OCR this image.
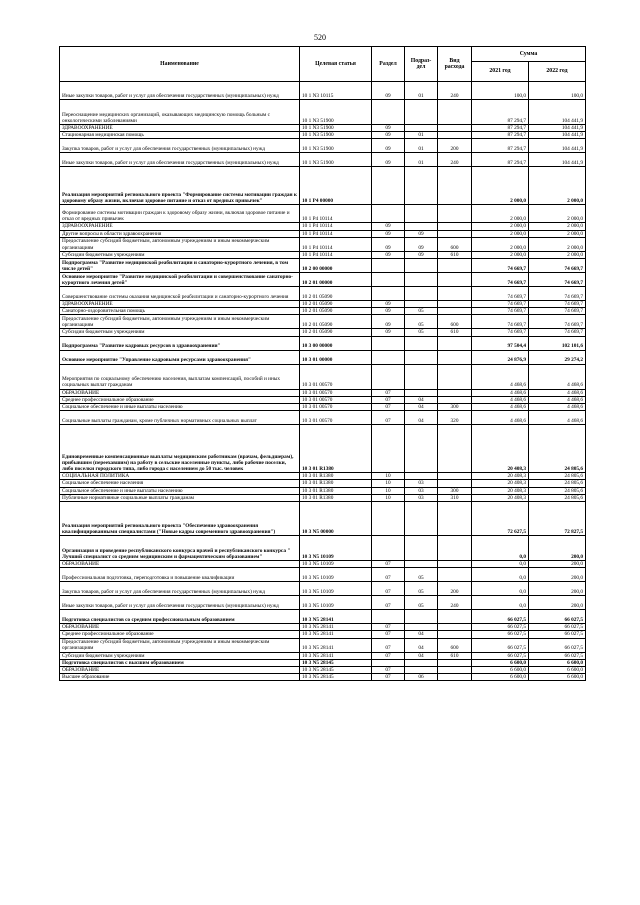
520
Наименование	Целевая статья	Раздел	Подраз-дел	Вид расхода	Сумма	
					2021 год	2022 год
Иные закупки товаров, работ и услуг для обеспечения государственных (муниципальных) нужд	10 1 N3 10115	09	01	240	100,0	100,0
Переоснащение медицинских организаций, оказывающих медицинскую помощь больным с онкологическими заболеваниями	10 1 N3 51900				87 294,7	104 441,9
ЗДРАВООХРАНЕНИЕ	10 1 N3 51900	09			87 294,7	104 441,9
Стационарная медицинская помощь	10 1 N3 51900	09	01		87 294,7	104 441,9
Закупка товаров, работ и услуг для обеспечения государственных (муниципальных) нужд	10 1 N3 51900	09	01	200	87 294,7	104 441,9
Иные закупки товаров, работ и услуг для обеспечения государственных (муниципальных) нужд	10 1 N3 51900	09	01	240	87 294,7	104 441,9
Реализация мероприятий регионального проекта "Формирование системы мотивации граждан к здоровому образу жизни, включая здоровое питание и отказ от вредных привычек"	10 1 P4 00000				2 000,0	2 000,0
Формирование системы мотивации граждан к здоровому образу жизни, включая здоровое питание и отказ от вредных привычек	10 1 P4 10114				2 000,0	2 000,0
ЗДРАВООХРАНЕНИЕ	10 1 P4 10114	09			2 000,0	2 000,0
Другие вопросы в области здравоохранения	10 1 P4 10114	09	09		2 000,0	2 000,0
Предоставление субсидий бюджетным, автономным учреждениям и иным некоммерческим организациям	10 1 P4 10114	09	09	600	2 000,0	2 000,0
Субсидии бюджетным учреждениям	10 1 P4 10114	09	09	610	2 000,0	2 000,0
Подпрограмма "Развитие медицинской реабилитации и санаторно-курортного лечения, в том числе детей"	10 2 00 00000				74 669,7	74 669,7
Основное мероприятие "Развитие медицинской реабилитации и совершенствование санаторно-курортного лечения детей"	10 2 01 00000				74 669,7	74 669,7
Совершенствование системы оказания медицинской реабилитации и санаторно-курортного лечения	10 2 01 05090				74 669,7	74 669,7
ЗДРАВООХРАНЕНИЕ	10 2 01 05090	09			74 669,7	74 669,7
Санаторно-оздоровительная помощь	10 2 01 05090	09	05		74 669,7	74 669,7
Предоставление субсидий бюджетным, автономным учреждениям и иным некоммерческим организациям	10 2 01 05090	09	05	600	74 669,7	74 669,7
Субсидии бюджетным учреждениям	10 2 01 05090	09	05	610	74 669,7	74 669,7
Подпрограмма "Развитие кадровых ресурсов в здравоохранении"	10 3 00 00000				97 504,4	102 101,6
Основное мероприятие "Управление кадровыми ресурсами здравоохранения"	10 3 01 00000				24 876,9	29 274,2
Мероприятия по социальному обеспечению населения, выплатам компенсаций, пособий и иных социальных выплат гражданам	10 3 01 00570				4 468,6	4 468,6
ОБРАЗОВАНИЕ	10 3 01 00570	07			4 468,6	4 468,6
Среднее профессиональное образование	10 3 01 00570	07	04		4 468,6	4 468,6
Социальное обеспечение и иные выплаты населению	10 3 01 00570	07	04	300	4 468,6	4 468,6
Социальные выплаты гражданам, кроме публичных нормативных социальных выплат	10 3 01 00570	07	04	320	4 468,6	4 468,6
Единовременные компенсационные выплаты медицинским работникам (врачам, фельдшерам), прибывшим (переехавшим) на работу в сельские населенные пункты, либо рабочие поселки, либо поселки городского типа, либо города с населением до 50 тыс. человек	10 3 01 R1380				20 408,3	24 805,6
СОЦИАЛЬНАЯ ПОЛИТИКА	10 3 01 R1380	10			20 408,3	24 805,6
Социальное обеспечение населения	10 3 01 R1380	10	03		20 408,3	24 805,6
Социальное обеспечение и иные выплаты населению	10 3 01 R1380	10	03	300	20 408,3	24 805,6
Публичные нормативные социальные выплаты гражданам	10 3 01 R1380	10	03	310	20 408,3	24 805,6
Реализация мероприятий регионального проекта "Обеспечение здравоохранения квалифицированными специалистами ("Новые кадры современного здравоохранения")	10 3 N5 00000				72 627,5	72 827,5
Организация и проведение республиканского конкурса врачей и республиканского конкурса " Лучший специалист со средним медицинским и фармацевтическим образованием"	10 3 N5 10109				0,0	200,0
ОБРАЗОВАНИЕ	10 3 N5 10109	07			0,0	200,0
Профессиональная подготовка, переподготовка и повышение квалификации	10 3 N5 10109	07	05		0,0	200,0
Закупка товаров, работ и услуг для обеспечения государственных (муниципальных) нужд	10 3 N5 10109	07	05	200	0,0	200,0
Иные закупки товаров, работ и услуг для обеспечения государственных (муниципальных) нужд	10 3 N5 10109	07	05	240	0,0	200,0
Подготовка специалистов со средним профессиональным образованием	10 3 N5 28141				66 027,5	66 027,5
ОБРАЗОВАНИЕ	10 3 N5 28141	07			66 027,5	66 027,5
Среднее профессиональное образование	10 3 N5 28141	07	04		66 027,5	66 027,5
Предоставление субсидий бюджетным, автономным учреждениям и иным некоммерческим организациям	10 3 N5 28141	07	04	600	66 027,5	66 027,5
Субсидии бюджетным учреждениям	10 3 N5 28141	07	04	610	66 027,5	66 027,5
Подготовка специалистов с высшим образованием	10 3 N5 28145				6 600,0	6 600,0
ОБРАЗОВАНИЕ	10 3 N5 28145	07			6 600,0	6 600,0
Высшее образование	10 3 N5 28145	07	06		6 600,0	6 600,0
